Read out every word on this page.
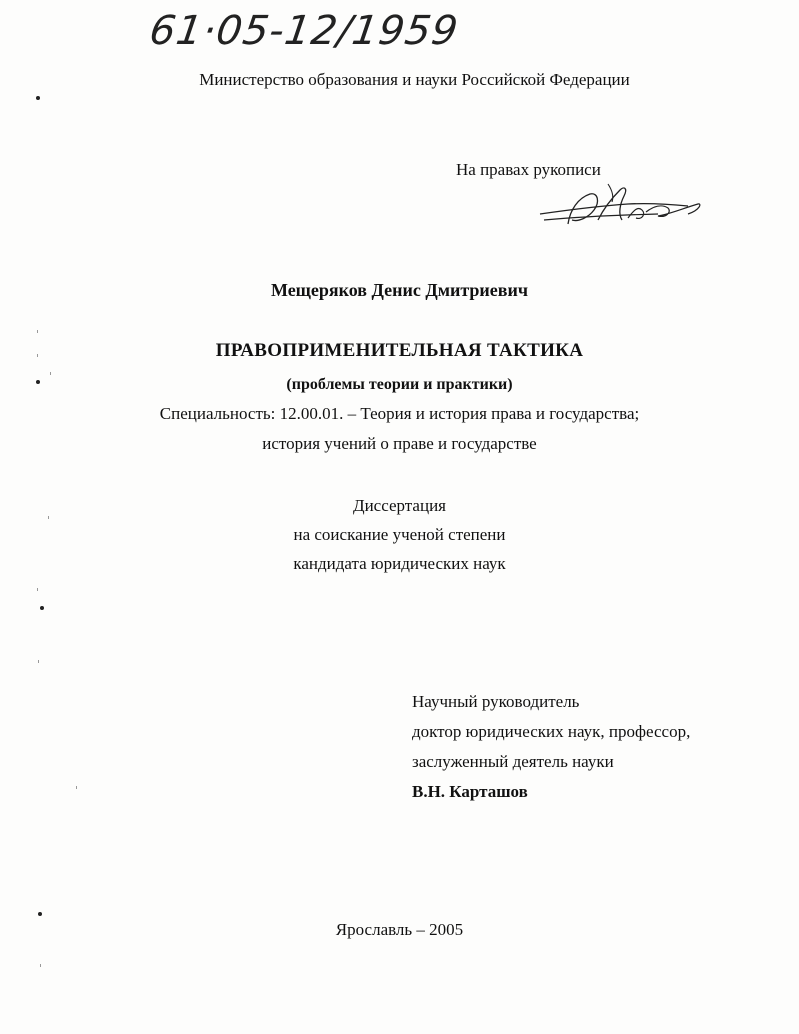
61·05-12/1959
Министерство образования и науки Российской Федерации
На правах рукописи
Мещеряков Денис Дмитриевич
ПРАВОПРИМЕНИТЕЛЬНАЯ ТАКТИКА
(проблемы теории и практики)
Специальность: 12.00.01. – Теория и история права и государства;
история учений о праве и государстве
Диссертация
на соискание ученой степени
кандидата юридических наук
Научный руководитель
доктор юридических наук, профессор,
заслуженный деятель науки
В.Н. Карташов
Ярославль – 2005
